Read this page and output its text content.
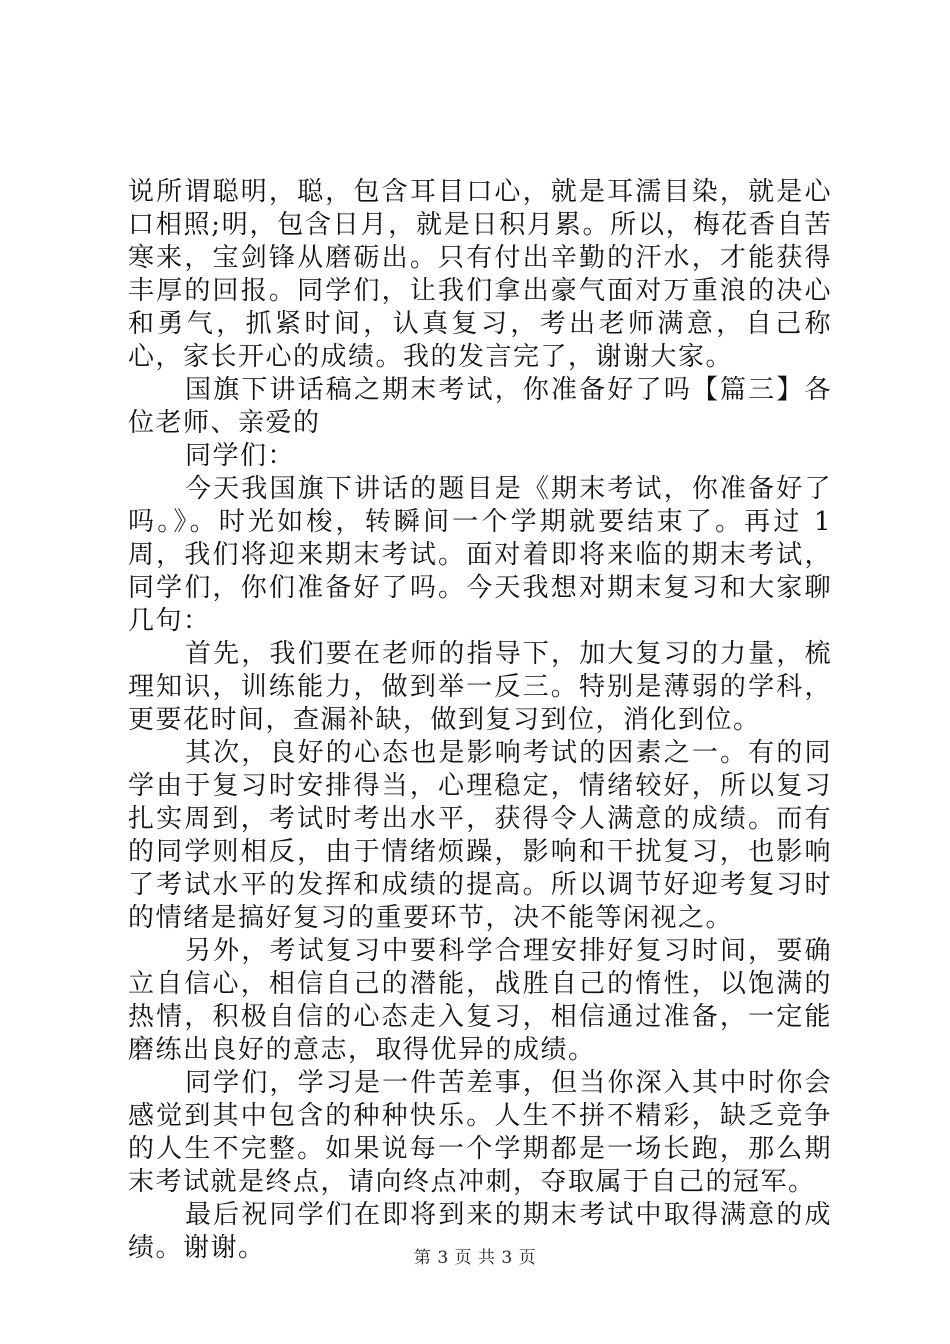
说所谓聪明，聪，包含耳目口心，就是耳濡目染，就是心口相照;明，包含日月，就是日积月累。所以，梅花香自苦寒来，宝剑锋从磨砺出。只有付出辛勤的汗水，才能获得丰厚的回报。同学们，让我们拿出豪气面对万重浪的决心和勇气，抓紧时间，认真复习，考出老师满意，自己称心，家长开心的成绩。我的发言完了，谢谢大家。

国旗下讲话稿之期末考试，你准备好了吗【篇三】各位老师、亲爱的

同学们：

今天我国旗下讲话的题目是《期末考试，你准备好了吗。》。时光如梭，转瞬间一个学期就要结束了。再过 1 周，我们将迎来期末考试。面对着即将来临的期末考试，同学们，你们准备好了吗。今天我想对期末复习和大家聊几句：

首先，我们要在老师的指导下，加大复习的力量，梳理知识，训练能力，做到举一反三。特别是薄弱的学科，更要花时间，查漏补缺，做到复习到位，消化到位。

其次，良好的心态也是影响考试的因素之一。有的同学由于复习时安排得当，心理稳定，情绪较好，所以复习扎实周到，考试时考出水平，获得令人满意的成绩。而有的同学则相反，由于情绪烦躁，影响和干扰复习，也影响了考试水平的发挥和成绩的提高。所以调节好迎考复习时的情绪是搞好复习的重要环节，决不能等闲视之。

另外，考试复习中要科学合理安排好复习时间，要确立自信心，相信自己的潜能，战胜自己的惰性，以饱满的热情，积极自信的心态走入复习，相信通过准备，一定能磨练出良好的意志，取得优异的成绩。

同学们，学习是一件苦差事，但当你深入其中时你会感觉到其中包含的种种快乐。人生不拼不精彩，缺乏竞争的人生不完整。如果说每一个学期都是一场长跑，那么期末考试就是终点，请向终点冲刺，夺取属于自己的冠军。

最后祝同学们在即将到来的期末考试中取得满意的成绩。谢谢。	第 3 页 共 3 页
